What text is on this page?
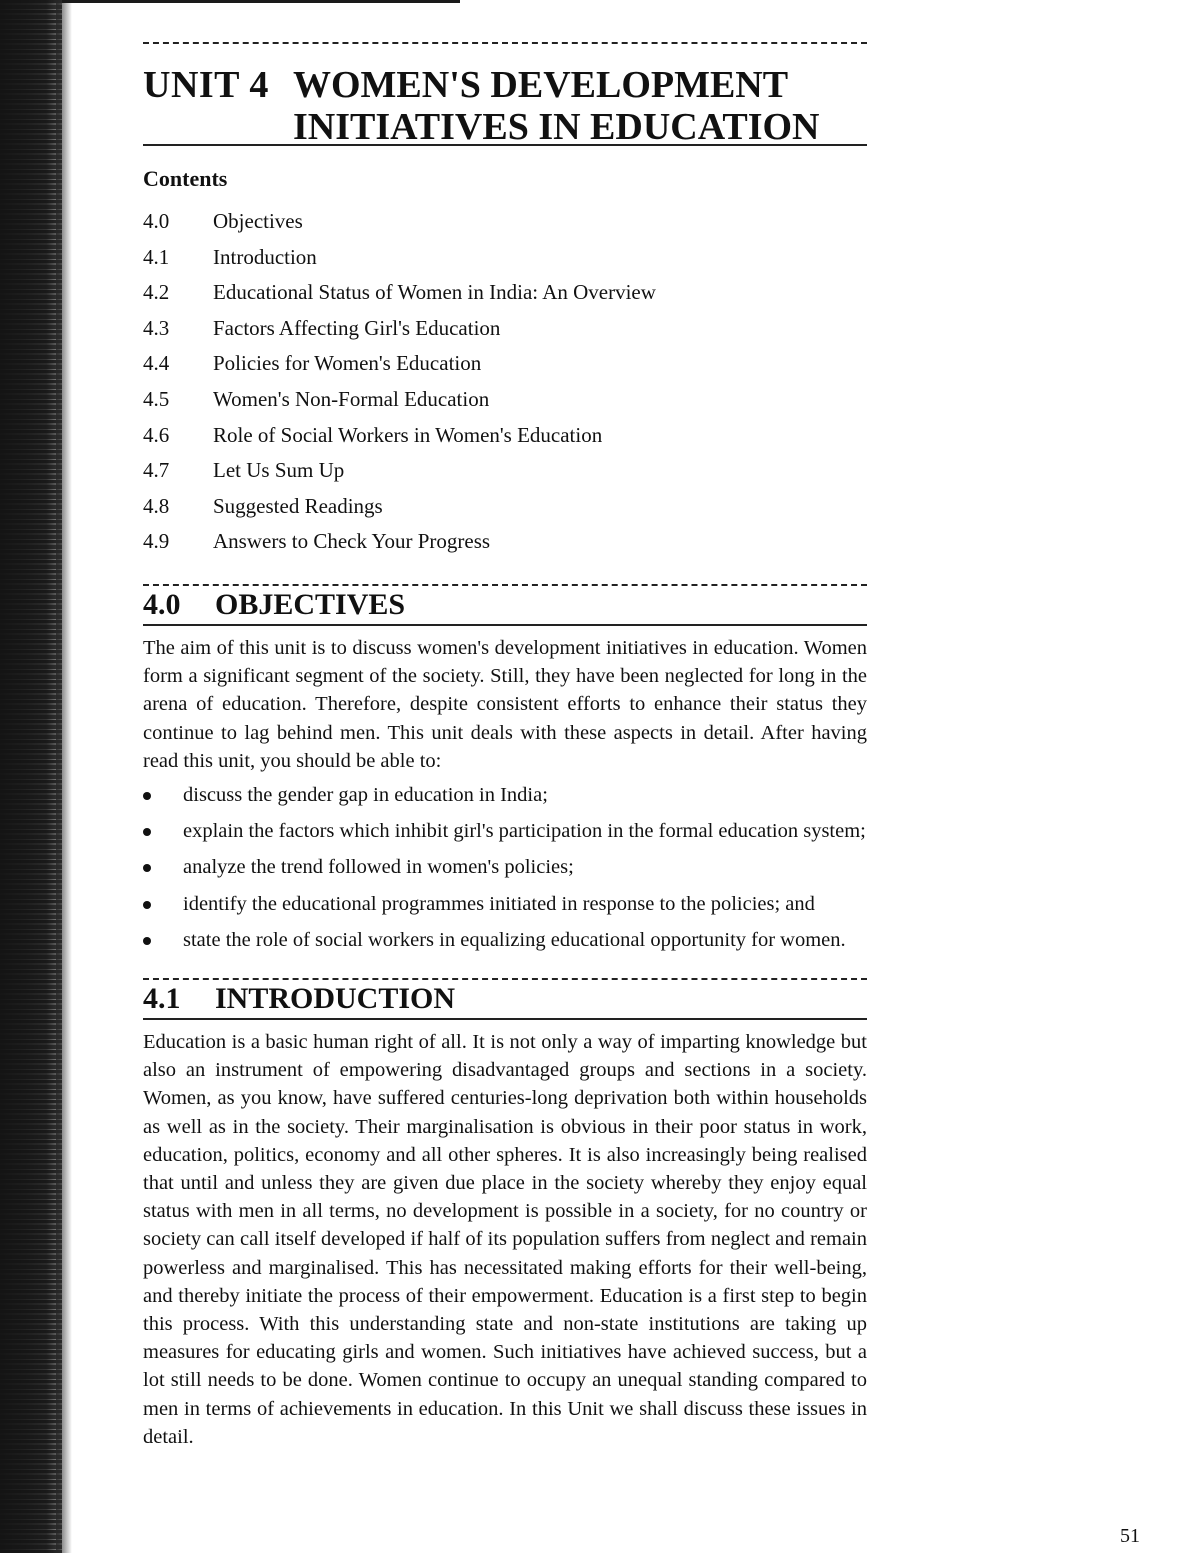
UNIT 4 WOMEN'S DEVELOPMENT
INITIATIVES IN EDUCATION
Contents
4.0	Objectives
4.1	Introduction
4.2	Educational Status of Women in India: An Overview
4.3	Factors Affecting Girl's Education
4.4	Policies for Women's Education
4.5	Women's Non-Formal Education
4.6	Role of Social Workers in Women's Education
4.7	Let Us Sum Up
4.8	Suggested Readings
4.9	Answers to Check Your Progress
4.0	OBJECTIVES

The aim of this unit is to discuss women's development initiatives in education. Women form a significant segment of the society. Still, they have been neglected for long in the arena of education. Therefore, despite consistent efforts to enhance their status they continue to lag behind men. This unit deals with these aspects in detail. After having read this unit, you should be able to:

discuss the gender gap in education in India;
explain the factors which inhibit girl's participation in the formal education system;
analyze the trend followed in women's policies;
identify the educational programmes initiated in response to the policies; and
state the role of social workers in equalizing educational opportunity for women.
4.1	INTRODUCTION

Education is a basic human right of all. It is not only a way of imparting knowledge but also an instrument of empowering disadvantaged groups and sections in a society. Women, as you know, have suffered centuries-long deprivation both within households as well as in the society. Their marginalisation is obvious in their poor status in work, education, politics, economy and all other spheres. It is also increasingly being realised that until and unless they are given due place in the society whereby they enjoy equal status with men in all terms, no development is possible in a society, for no country or society can call itself developed if half of its population suffers from neglect and remain powerless and marginalised. This has necessitated making efforts for their well-being, and thereby initiate the process of their empowerment. Education is a first step to begin this process. With this understanding state and non-state institutions are taking up measures for educating girls and women. Such initiatives have achieved success, but a lot still needs to be done. Women continue to occupy an unequal standing compared to men in terms of achievements in education. In this Unit we shall discuss these issues in detail.

51
